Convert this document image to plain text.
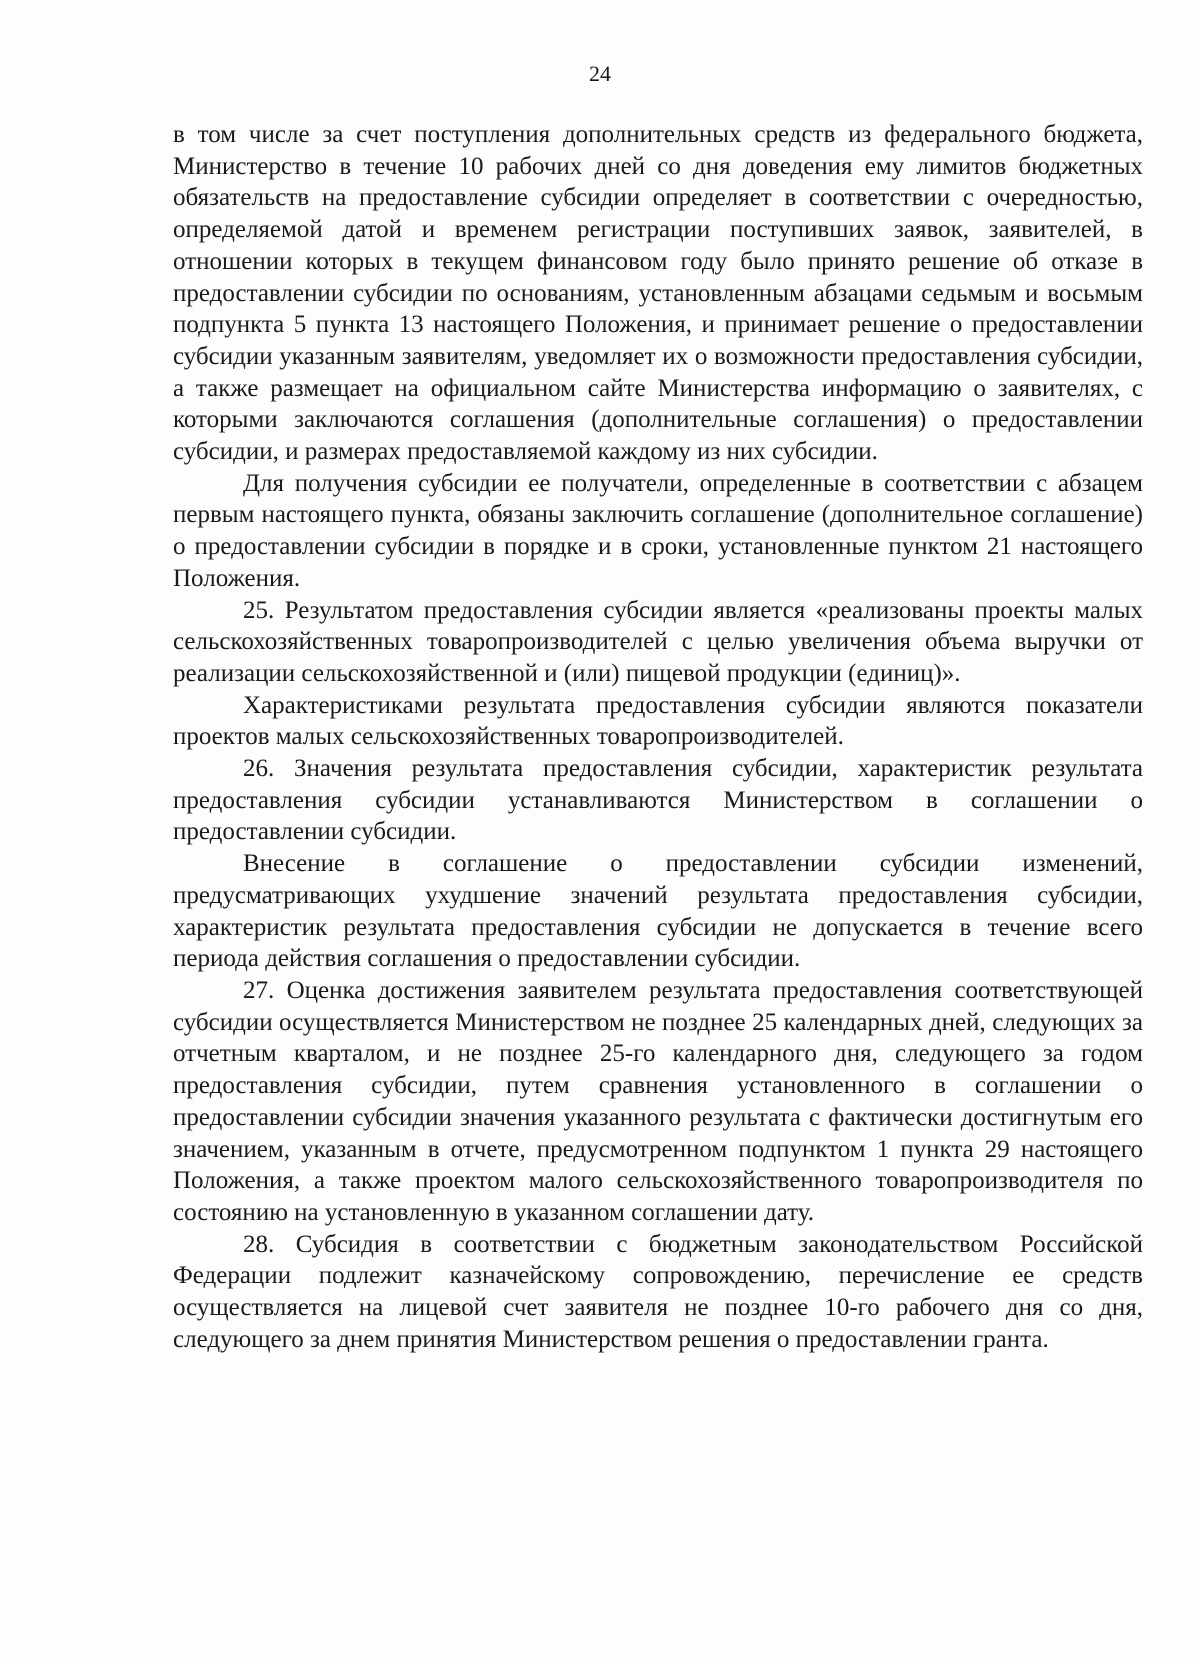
24

в том числе за счет поступления дополнительных средств из федерального бюджета, Министерство в течение 10 рабочих дней со дня доведения ему лимитов бюджетных обязательств на предоставление субсидии определяет в соответствии с очередностью, определяемой датой и временем регистрации поступивших заявок, заявителей, в отношении которых в текущем финансовом году было принято решение об отказе в предоставлении субсидии по основаниям, установленным абзацами седьмым и восьмым подпункта 5 пункта 13 настоящего Положения, и принимает решение о предоставлении субсидии указанным заявителям, уведомляет их о возможности предоставления субсидии, а также размещает на официальном сайте Министерства информацию о заявителях, с которыми заключаются соглашения (дополнительные соглашения) о предоставлении субсидии, и размерах предоставляемой каждому из них субсидии.

Для получения субсидии ее получатели, определенные в соответствии с абзацем первым настоящего пункта, обязаны заключить соглашение (дополнительное соглашение) о предоставлении субсидии в порядке и в сроки, установленные пунктом 21 настоящего Положения.

25. Результатом предоставления субсидии является «реализованы проекты малых сельскохозяйственных товаропроизводителей с целью увеличения объема выручки от реализации сельскохозяйственной и (или) пищевой продукции (единиц)».

Характеристиками результата предоставления субсидии являются показатели проектов малых сельскохозяйственных товаропроизводителей.

26. Значения результата предоставления субсидии, характеристик результата предоставления субсидии устанавливаются Министерством в соглашении о предоставлении субсидии.

Внесение в соглашение о предоставлении субсидии изменений, предусматривающих ухудшение значений результата предоставления субсидии, характеристик результата предоставления субсидии не допускается в течение всего периода действия соглашения о предоставлении субсидии.

27. Оценка достижения заявителем результата предоставления соответствующей субсидии осуществляется Министерством не позднее 25 календарных дней, следующих за отчетным кварталом, и не позднее 25-го календарного дня, следующего за годом предоставления субсидии, путем сравнения установленного в соглашении о предоставлении субсидии значения указанного результата с фактически достигнутым его значением, указанным в отчете, предусмотренном подпунктом 1 пункта 29 настоящего Положения, а также проектом малого сельскохозяйственного товаропроизводителя по состоянию на установленную в указанном соглашении дату.

28. Субсидия в соответствии с бюджетным законодательством Российской Федерации подлежит казначейскому сопровождению, перечисление ее средств осуществляется на лицевой счет заявителя не позднее 10-го рабочего дня со дня, следующего за днем принятия Министерством решения о предоставлении гранта.
